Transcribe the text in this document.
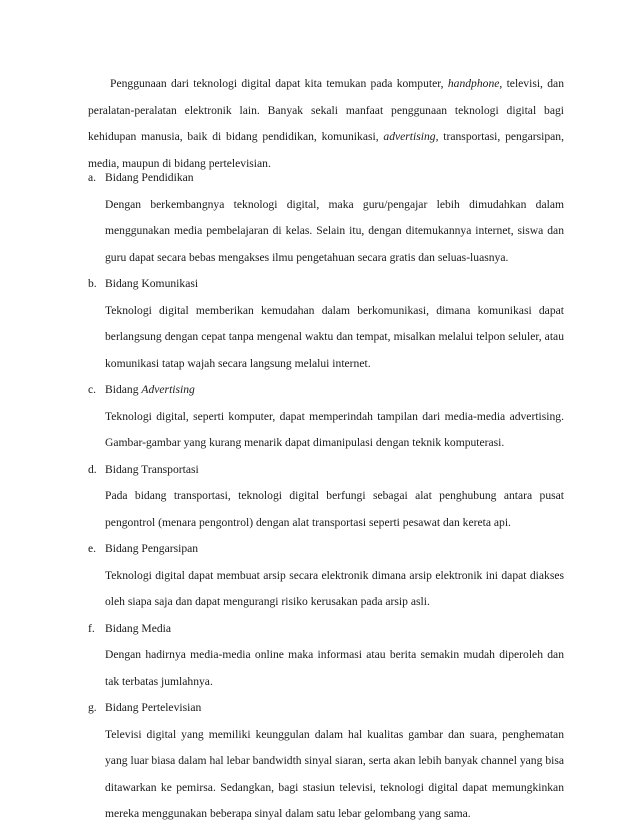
Penggunaan dari teknologi digital dapat kita temukan pada komputer, handphone, televisi, dan peralatan-peralatan elektronik lain. Banyak sekali manfaat penggunaan teknologi digital bagi kehidupan manusia, baik di bidang pendidikan, komunikasi, advertising, transportasi, pengarsipan, media, maupun di bidang pertelevisian.

a. Bidang Pendidikan
Dengan berkembangnya teknologi digital, maka guru/pengajar lebih dimudahkan dalam menggunakan media pembelajaran di kelas. Selain itu, dengan ditemukannya internet, siswa dan guru dapat secara bebas mengakses ilmu pengetahuan secara gratis dan seluas-luasnya.
b. Bidang Komunikasi
Teknologi digital memberikan kemudahan dalam berkomunikasi, dimana komunikasi dapat berlangsung dengan cepat tanpa mengenal waktu dan tempat, misalkan melalui telpon seluler, atau komunikasi tatap wajah secara langsung melalui internet.
c. Bidang Advertising
Teknologi digital, seperti komputer, dapat memperindah tampilan dari media-media advertising. Gambar-gambar yang kurang menarik dapat dimanipulasi dengan teknik komputerasi.
d. Bidang Transportasi
Pada bidang transportasi, teknologi digital berfungi sebagai alat penghubung antara pusat pengontrol (menara pengontrol) dengan alat transportasi seperti pesawat dan kereta api.
e. Bidang Pengarsipan
Teknologi digital dapat membuat arsip secara elektronik dimana arsip elektronik ini dapat diakses oleh siapa saja dan dapat mengurangi risiko kerusakan pada arsip asli.
f. Bidang Media
Dengan hadirnya media-media online maka informasi atau berita semakin mudah diperoleh dan tak terbatas jumlahnya.
g. Bidang Pertelevisian
Televisi digital yang memiliki keunggulan dalam hal kualitas gambar dan suara, penghematan yang luar biasa dalam hal lebar bandwidth sinyal siaran, serta akan lebih banyak channel yang bisa ditawarkan ke pemirsa. Sedangkan, bagi stasiun televisi, teknologi digital dapat memungkinkan mereka menggunakan beberapa sinyal dalam satu lebar gelombang yang sama.
